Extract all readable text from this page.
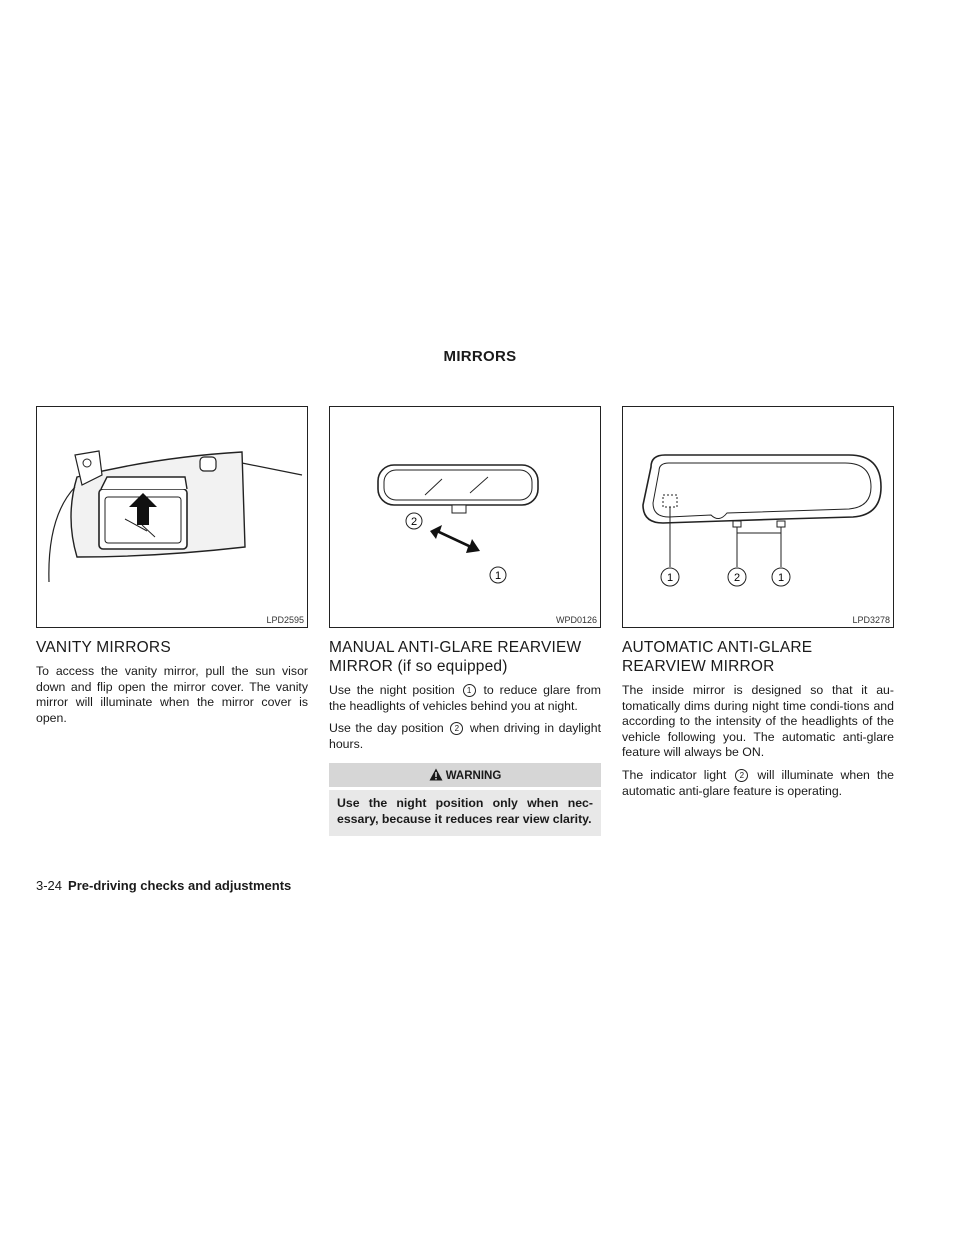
MIRRORS
LPD2595
VANITY MIRRORS

To access the vanity mirror, pull the sun visor down and flip open the mirror cover. The vanity mirror will illuminate when the mirror cover is open.

2
1
WPD0126
MANUAL ANTI-GLARE REARVIEW
MIRROR (if so equipped)

Use the night position 1 to reduce glare from the headlights of vehicles behind you at night.

Use the day position 2 when driving in daylight hours.

WARNING
Use the night position only when nec-essary, because it reduces rear view clarity.
1	2	1
LPD3278
AUTOMATIC ANTI-GLARE
REARVIEW MIRROR

The inside mirror is designed so that it au-tomatically dims during night time condi-tions and according to the intensity of the headlights of the vehicle following you. The automatic anti-glare feature will always be ON.

The indicator light 2 will illuminate when the automatic anti-glare feature is operating.

3-24 Pre-driving checks and adjustments
